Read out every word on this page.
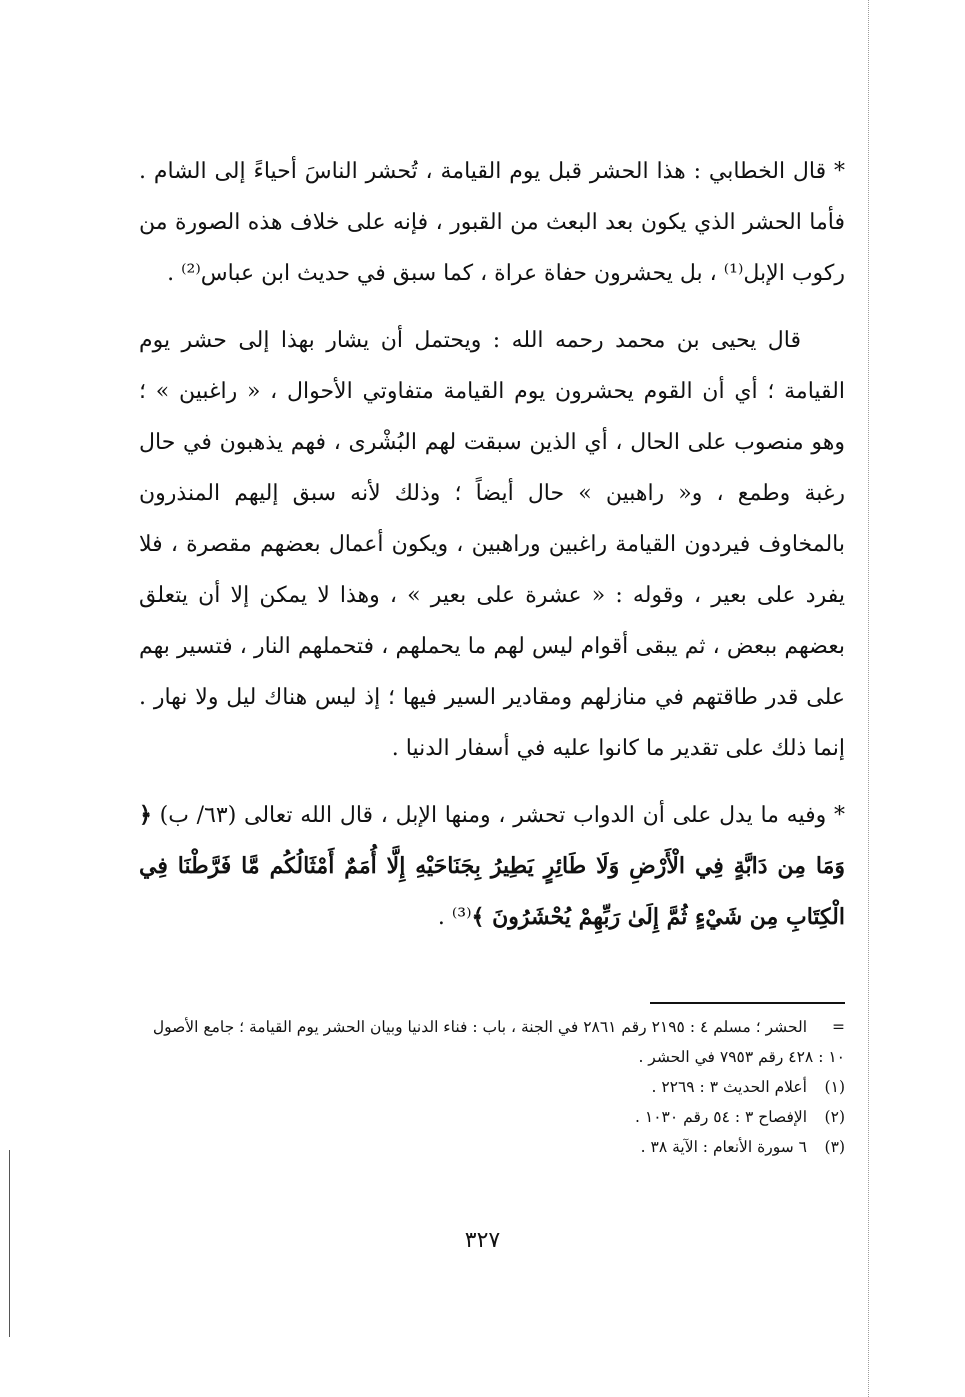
* قال الخطابي : هذا الحشر قبل يوم القيامة ، تُحشر الناسَ أحياءً إلى الشام . فأما الحشر الذي يكون بعد البعث من القبور ، فإنه على خلاف هذه الصورة من ركوب الإبل⁽¹⁾ ، بل يحشرون حفاة عراة ، كما سبق في حديث ابن عباس⁽²⁾ .

قال يحيى بن محمد رحمه الله : ويحتمل أن يشار بهذا إلى حشر يوم القيامة ؛ أي أن القوم يحشرون يوم القيامة متفاوتي الأحوال ، « راغبين » ؛ وهو منصوب على الحال ، أي الذين سبقت لهم البُشْرى ، فهم يذهبون في حال رغبة وطمع ، و« راهبين » حال أيضاً ؛ وذلك لأنه سبق إليهم المنذرون بالمخاوف فيردون القيامة راغبين وراهبين ، ويكون أعمال بعضهم مقصرة ، فلا يفرد على بعير ، وقوله : « عشرة على بعير » ، وهذا لا يمكن إلا أن يتعلق بعضهم ببعض ، ثم يبقى أقوام ليس لهم ما يحملهم ، فتحملهم النار ، فتسير بهم على قدر طاقتهم في منازلهم ومقادير السير فيها ؛ إذ ليس هناك ليل ولا نهار . إنما ذلك على تقدير ما كانوا عليه في أسفار الدنيا .

* وفيه ما يدل على أن الدواب تحشر ، ومنها الإبل ، قال الله تعالى (٦٣/ ب) ﴿ وَمَا مِن دَابَّةٍ فِي الْأَرْضِ وَلَا طَائِرٍ يَطِيرُ بِجَنَاحَيْهِ إِلَّا أُمَمٌ أَمْثَالُكُم مَّا فَرَّطْنَا فِي الْكِتَابِ مِن شَيْءٍ ثُمَّ إِلَىٰ رَبِّهِمْ يُحْشَرُونَ ﴾⁽³⁾ .

=الحشر ؛ مسلم ٤ : ٢١٩٥ رقم ٢٨٦١ في الجنة ، باب : فناء الدنيا وبيان الحشر يوم القيامة ؛ جامع الأصول ١٠ : ٤٢٨ رقم ٧٩٥٣ في الحشر .

(١)أعلام الحديث ٣ : ٢٢٦٩ .

(٢)الإفصاح ٣ : ٥٤ رقم ١٠٣٠ .

(٣)٦ سورة الأنعام : الآية ٣٨ .

٣٢٧
